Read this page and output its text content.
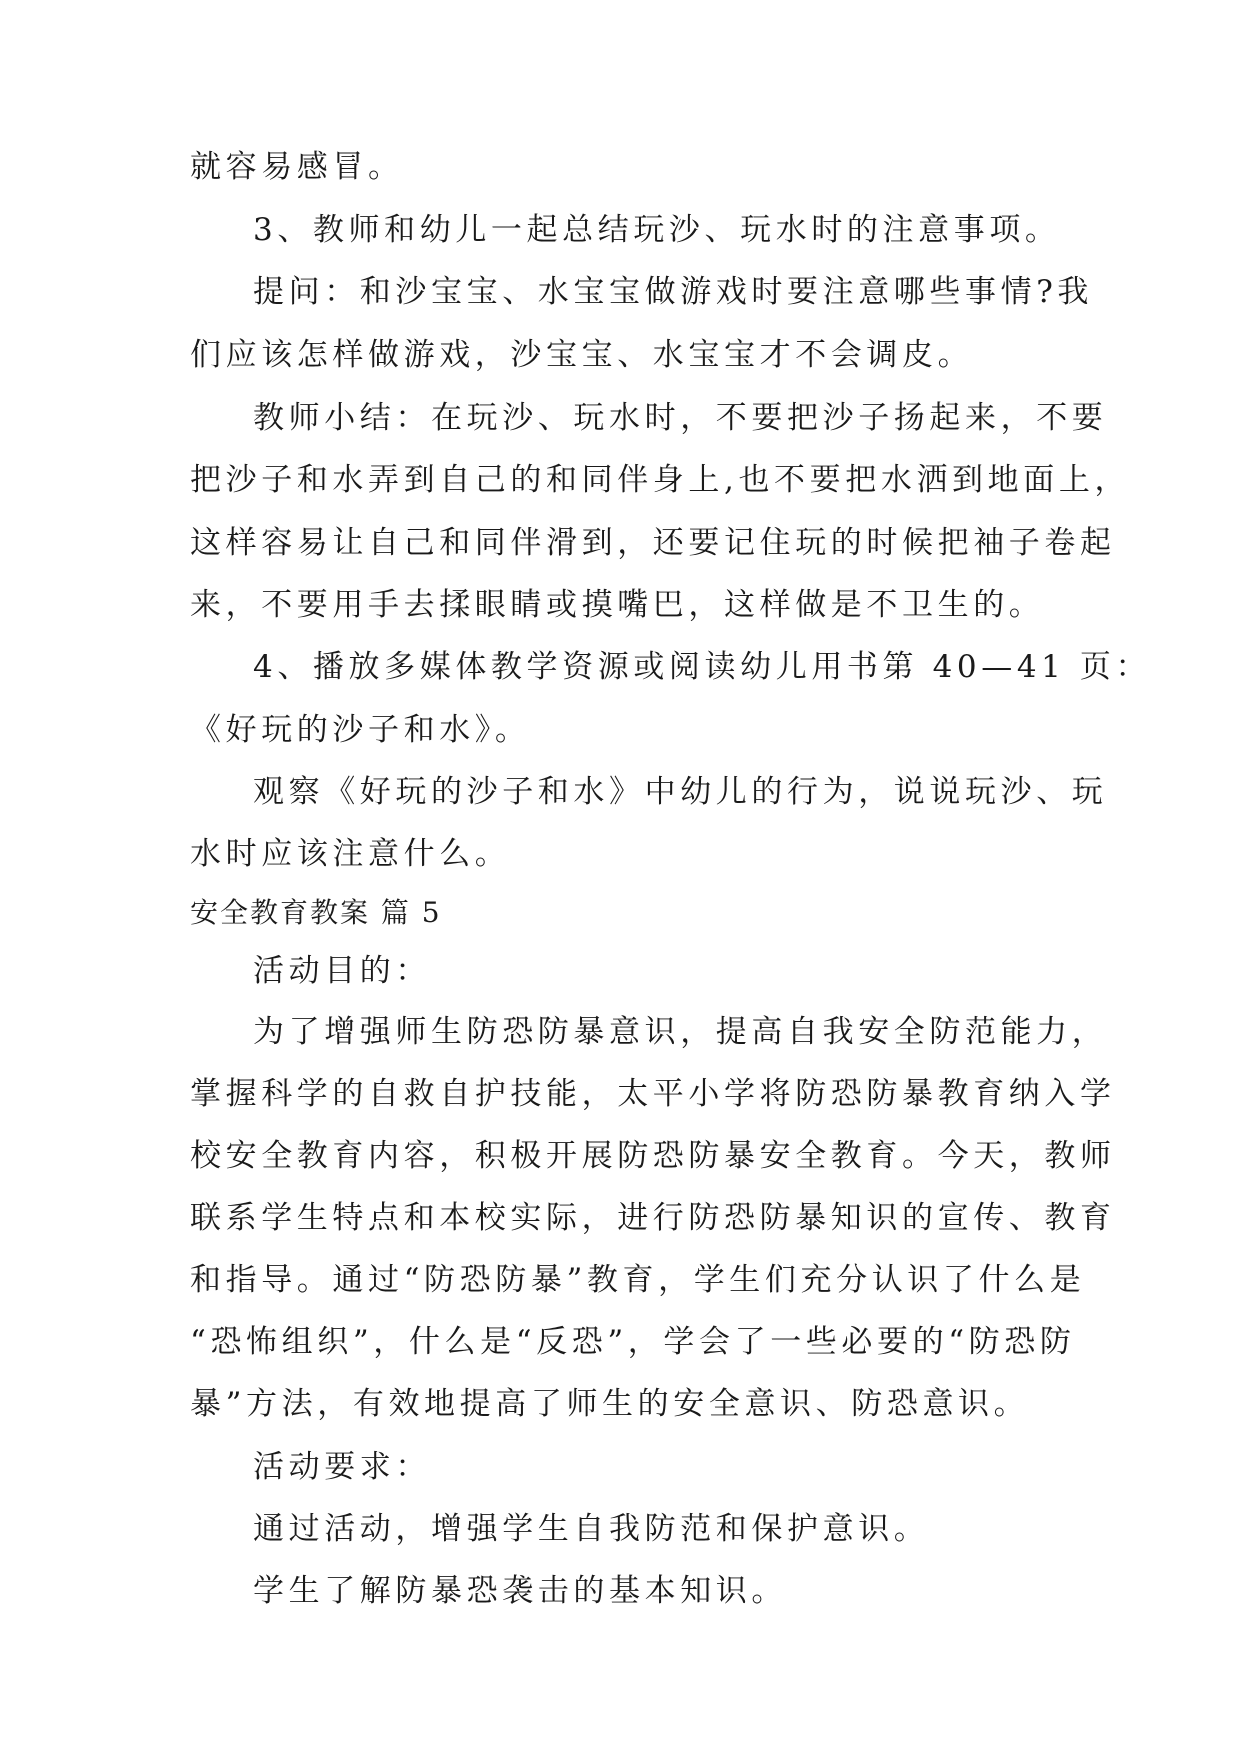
就容易感冒。
3、教师和幼儿一起总结玩沙、玩水时的注意事项。
提问：和沙宝宝、水宝宝做游戏时要注意哪些事情?我
们应该怎样做游戏，沙宝宝、水宝宝才不会调皮。
教师小结：在玩沙、玩水时，不要把沙子扬起来，不要
把沙子和水弄到自己的和同伴身上,也不要把水洒到地面上，
这样容易让自己和同伴滑到，还要记住玩的时候把袖子卷起
来，不要用手去揉眼睛或摸嘴巴，这样做是不卫生的。
4、播放多媒体教学资源或阅读幼儿用书第 40—41 页：
《好玩的沙子和水》。
观察《好玩的沙子和水》中幼儿的行为，说说玩沙、玩
水时应该注意什么。
安全教育教案 篇 5
活动目的：
为了增强师生防恐防暴意识，提高自我安全防范能力，
掌握科学的自救自护技能，太平小学将防恐防暴教育纳入学
校安全教育内容，积极开展防恐防暴安全教育。今天，教师
联系学生特点和本校实际，进行防恐防暴知识的宣传、教育
和指导。通过“防恐防暴”教育，学生们充分认识了什么是
“恐怖组织”，什么是“反恐”，学会了一些必要的“防恐防
暴”方法，有效地提高了师生的安全意识、防恐意识。
活动要求：
通过活动，增强学生自我防范和保护意识。
学生了解防暴恐袭击的基本知识。
